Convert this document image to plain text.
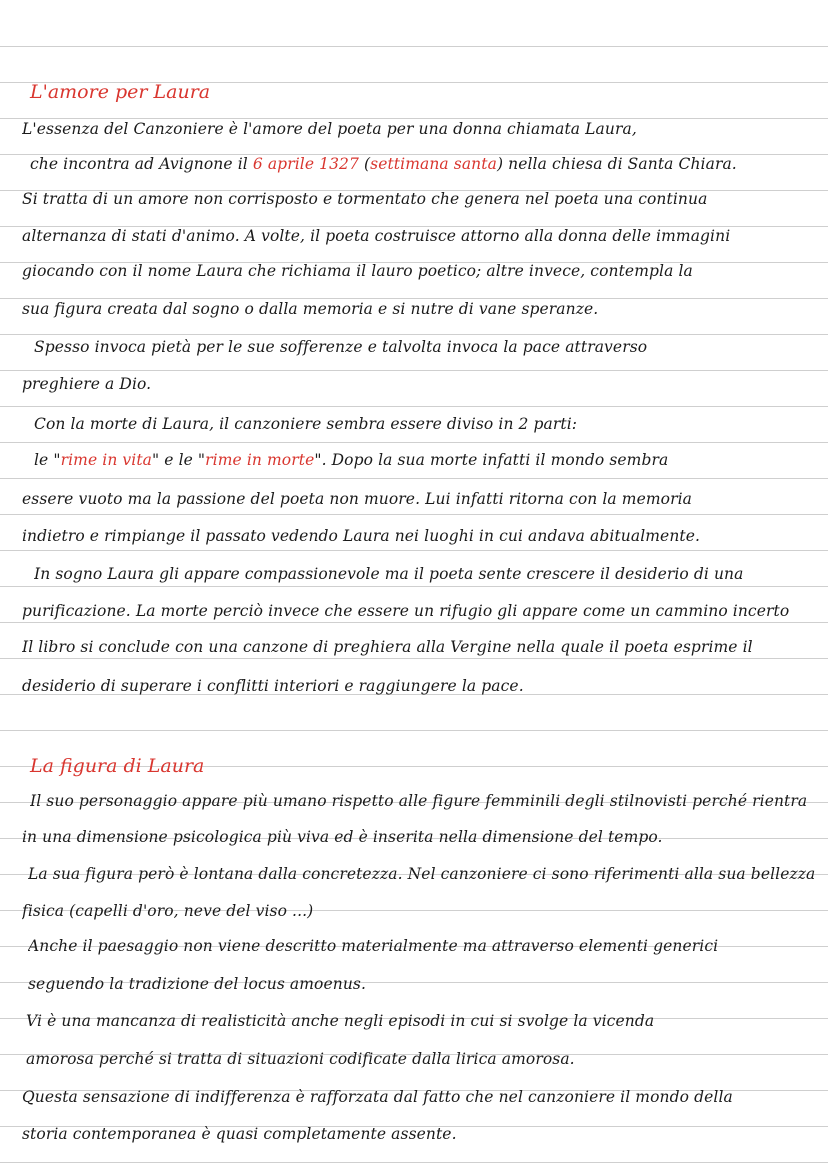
L'amore per Laura
L'essenza del Canzoniere è l'amore del poeta per una donna chiamata Laura,
che incontra ad Avignone il 6 aprile 1327 (settimana santa) nella chiesa di Santa Chiara.
Si tratta di un amore non corrisposto e tormentato che genera nel poeta una continua
alternanza di stati d'animo. A volte, il poeta costruisce attorno alla donna delle immagini
giocando con il nome Laura che richiama il lauro poetico; altre invece, contempla la
sua figura creata dal sogno o dalla memoria e si nutre di vane speranze.
Spesso invoca pietà per le sue sofferenze e talvolta invoca la pace attraverso
preghiere a Dio.
Con la morte di Laura, il canzoniere sembra essere diviso in 2 parti:
le "rime in vita" e le "rime in morte". Dopo la sua morte infatti il mondo sembra
essere vuoto ma la passione del poeta non muore. Lui infatti ritorna con la memoria
indietro e rimpiange il passato vedendo Laura nei luoghi in cui andava abitualmente.
In sogno Laura gli appare compassionevole ma il poeta sente crescere il desiderio di una
purificazione. La morte perciò invece che essere un rifugio gli appare come un cammino incerto
Il libro si conclude con una canzone di preghiera alla Vergine nella quale il poeta esprime il
desiderio di superare i conflitti interiori e raggiungere la pace.
La figura di Laura
Il suo personaggio appare più umano rispetto alle figure femminili degli stilnovisti perché rientra
in una dimensione psicologica più viva ed è inserita nella dimensione del tempo.
La sua figura però è lontana dalla concretezza. Nel canzoniere ci sono riferimenti alla sua bellezza
fisica (capelli d'oro, neve del viso ...)
Anche il paesaggio non viene descritto materialmente ma attraverso elementi generici
seguendo la tradizione del locus amoenus.
Vi è una mancanza di realisticità anche negli episodi in cui si svolge la vicenda
amorosa perché si tratta di situazioni codificate dalla lirica amorosa.
Questa sensazione di indifferenza è rafforzata dal fatto che nel canzoniere il mondo della
storia contemporanea è quasi completamente assente.
